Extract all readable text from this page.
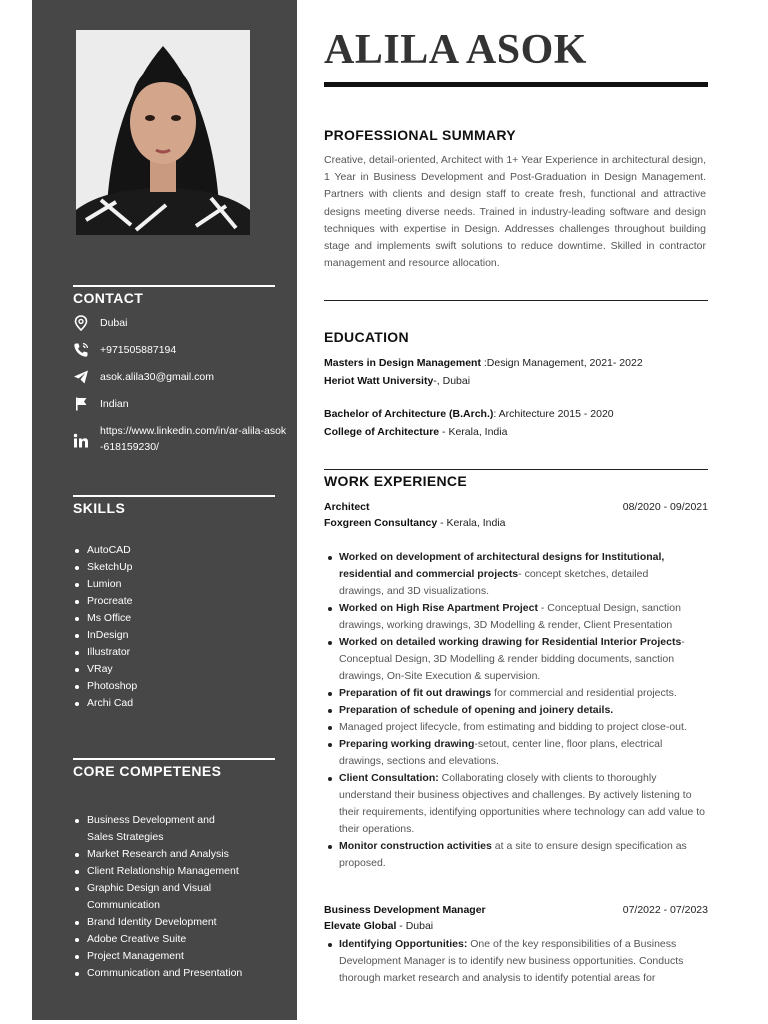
CONTACT
Dubai
+971505887194
asok.alila30@gmail.com
Indian
https://www.linkedin.com/in/ar-alila-asok-618159230/
SKILLS
AutoCAD
SketchUp
Lumion
Procreate
Ms Office
InDesign
Illustrator
VRay
Photoshop
Archi Cad
CORE COMPETENES
Business Development and Sales Strategies
Market Research and Analysis
Client Relationship Management
Graphic Design and Visual Communication
Brand Identity Development
Adobe Creative Suite
Project Management
Communication and Presentation
ALILA ASOK
PROFESSIONAL SUMMARY
Creative, detail-oriented, Architect with 1+ Year Experience in architectural design, 1 Year in Business Development and Post-Graduation in Design Management. Partners with clients and design staff to create fresh, functional and attractive designs meeting diverse needs. Trained in industry-leading software and design techniques with expertise in Design. Addresses challenges throughout building stage and implements swift solutions to reduce downtime. Skilled in contractor management and resource allocation.
EDUCATION
Masters in Design Management :Design Management, 2021- 2022
Heriot Watt University-, Dubai
Bachelor of Architecture (B.Arch.): Architecture 2015 - 2020
College of Architecture - Kerala, India
WORK EXPERIENCE
Architect	08/2020 - 09/2021
Foxgreen Consultancy - Kerala, India
Worked on development of architectural designs for Institutional, residential and commercial projects- concept sketches, detailed drawings, and 3D visualizations.
Worked on High Rise Apartment Project - Conceptual Design, sanction drawings, working drawings, 3D Modelling & render, Client Presentation
Worked on detailed working drawing for Residential Interior Projects- Conceptual Design, 3D Modelling & render bidding documents, sanction drawings, On-Site Execution & supervision.
Preparation of fit out drawings for commercial and residential projects.
Preparation of schedule of opening and joinery details.
Managed project lifecycle, from estimating and bidding to project close-out.
Preparing working drawing-setout, center line, floor plans, electrical drawings, sections and elevations.
Client Consultation: Collaborating closely with clients to thoroughly understand their business objectives and challenges. By actively listening to their requirements, identifying opportunities where technology can add value to their operations.
Monitor construction activities at a site to ensure design specification as proposed.
Business Development Manager	07/2022 - 07/2023
Elevate Global - Dubai
Identifying Opportunities: One of the key responsibilities of a Business Development Manager is to identify new business opportunities. Conducts thorough market research and analysis to identify potential areas for
